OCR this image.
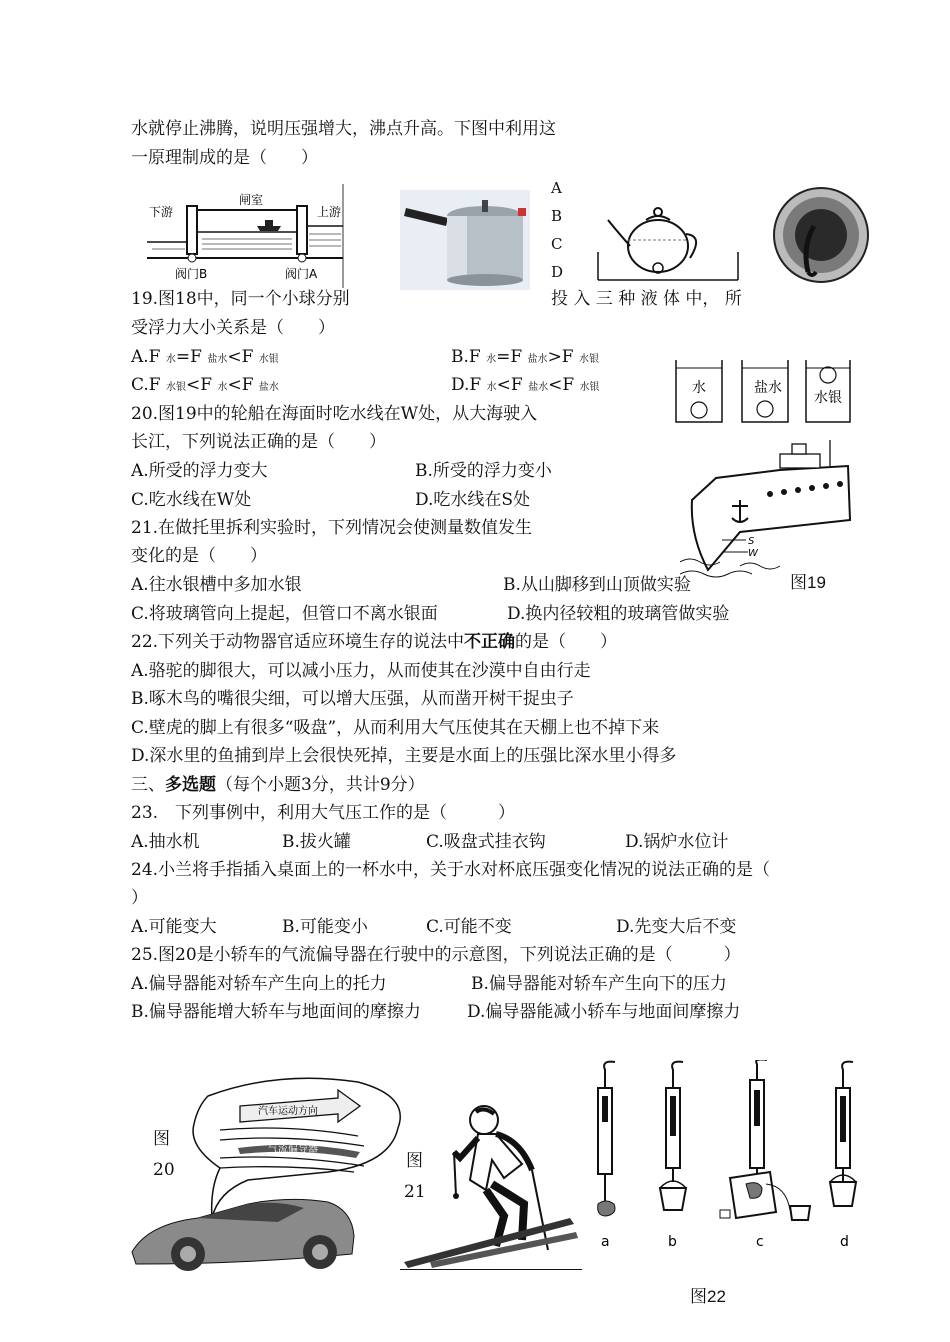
水就停止沸腾，说明压强增大，沸点升高。下图中利用这
一原理制成的是（　　）
A
B
C
D
19.图18中，同一个小球分别	投 入 三 种 液 体 中， 所
受浮力大小关系是（　　）
A.F 水=F 盐水<F 水银	B.F 水=F 盐水>F 水银
C.F 水银<F 水<F 盐水	D.F 水<F 盐水<F 水银
20.图19中的轮船在海面时吃水线在W处，从大海驶入
长江，下列说法正确的是（　　）
A.所受的浮力变大	B.所受的浮力变小
C.吃水线在W处	D.吃水线在S处
21.在做托里拆利实验时，下列情况会使测量数值发生
变化的是（　　）
A.往水银槽中多加水银	B.从山脚移到山顶做实验
C.将玻璃管向上提起，但管口不离水银面	D.换内径较粗的玻璃管做实验
22.下列关于动物器官适应环境生存的说法中不正确的是（　　）
A.骆驼的脚很大，可以减小压力，从而使其在沙漠中自由行走
B.啄木鸟的嘴很尖细，可以增大压强，从而凿开树干捉虫子
C.壁虎的脚上有很多“吸盘”，从而利用大气压使其在天棚上也不掉下来
D.深水里的鱼捕到岸上会很快死掉，主要是水面上的压强比深水里小得多
三、多选题（每个小题3分，共计9分）
23.　下列事例中，利用大气压工作的是（　　　）
A.抽水机	B.拔火罐	C.吸盘式挂衣钩	D.锅炉水位计
24.小兰将手指插入桌面上的一杯水中，关于水对杯底压强变化情况的说法正确的是（
）
A.可能变大	B.可能变小	C.可能不变	D.先变大后不变
25.图20是小轿车的气流偏导器在行驶中的示意图，下列说法正确的是（　　　）
A.偏导器能对轿车产生向上的托力	B.偏导器能对轿车产生向下的压力
B.偏导器能增大轿车与地面间的摩擦力	D.偏导器能减小轿车与地面间摩擦力
下游
闸室
上游
阀门B	阀门A
水	盐水
水银
S
W
图19
图
20
汽车运动方向
气流偏导器
图
21
a	b	c	d
图22
